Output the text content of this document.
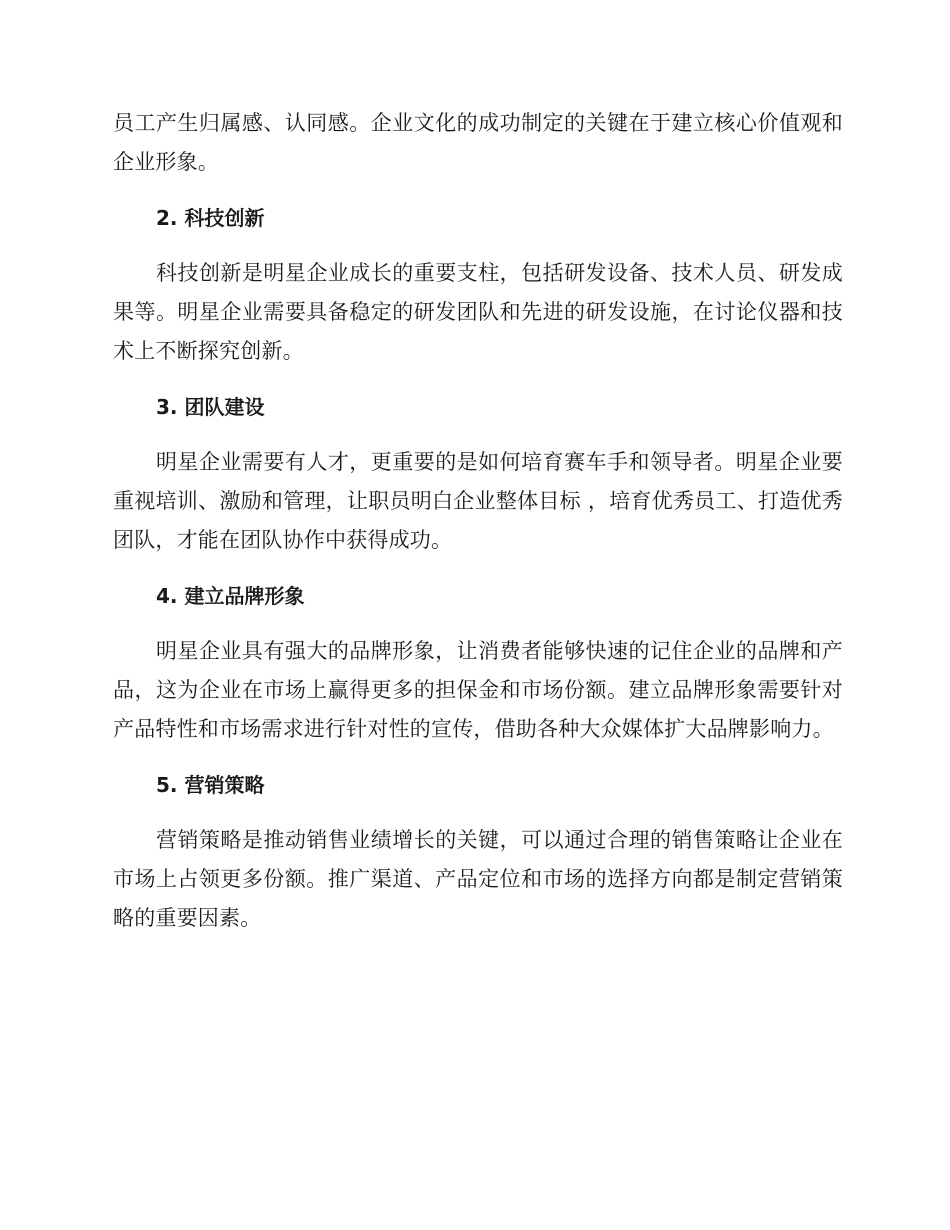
员工产生归属感、认同感。企业文化的成功制定的关键在于建立核心价值观和企业形象。

2. 科技创新

科技创新是明星企业成长的重要支柱，包括研发设备、技术人员、研发成果等。明星企业需要具备稳定的研发团队和先进的研发设施，在讨论仪器和技术上不断探究创新。

3. 团队建设

明星企业需要有人才，更重要的是如何培育赛车手和领导者。明星企业要重视培训、激励和管理，让职员明白企业整体目标 ，培育优秀员工、打造优秀团队，才能在团队协作中获得成功。

4. 建立品牌形象

明星企业具有强大的品牌形象，让消费者能够快速的记住企业的品牌和产品，这为企业在市场上赢得更多的担保金和市场份额。建立品牌形象需要针对产品特性和市场需求进行针对性的宣传，借助各种大众媒体扩大品牌影响力。

5. 营销策略

营销策略是推动销售业绩增长的关键，可以通过合理的销售策略让企业在市场上占领更多份额。推广渠道、产品定位和市场的选择方向都是制定营销策略的重要因素。
